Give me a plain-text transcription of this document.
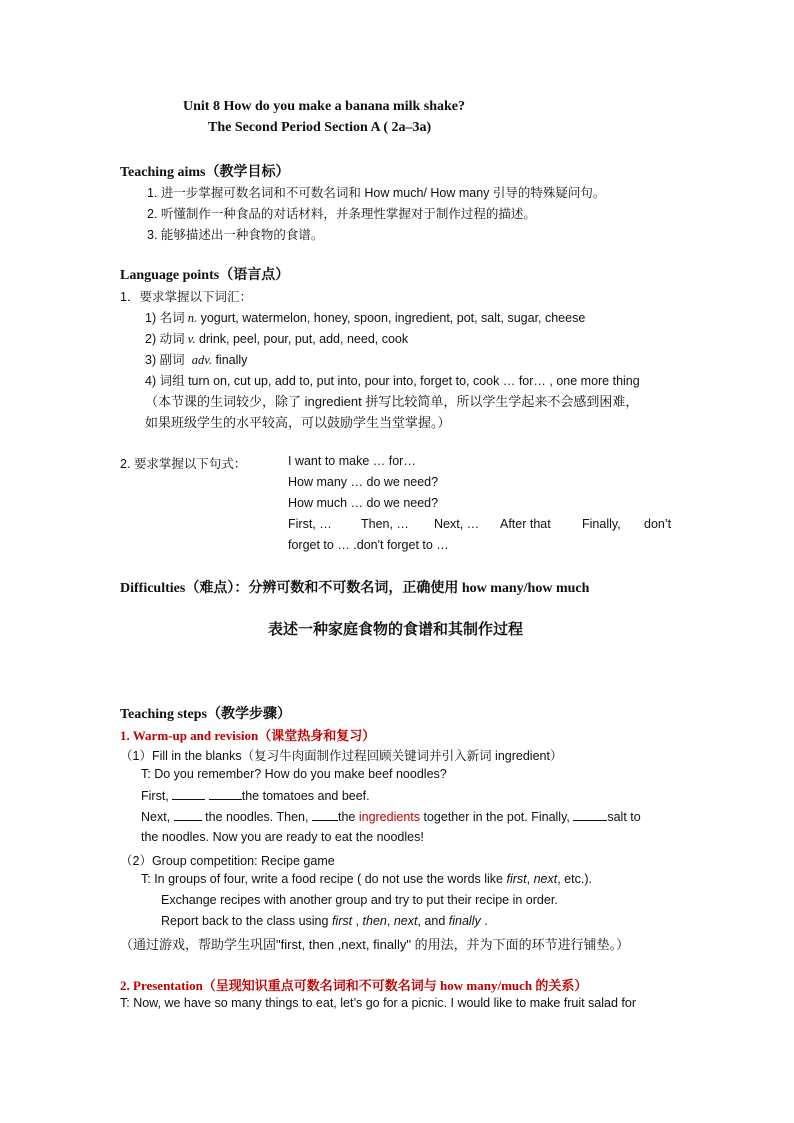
Unit 8 How do you make a banana milk shake?
The Second Period Section A ( 2a–3a)
Teaching aims（教学目标）
1. 进一步掌握可数名词和不可数名词和 How much/ How many 引导的特殊疑问句。
2. 听懂制作一种食品的对话材料，并条理性掌握对于制作过程的描述。
3. 能够描述出一种食物的食谱。
Language points（语言点）
1．要求掌握以下词汇：
1) 名词 n. yogurt, watermelon, honey, spoon, ingredient, pot, salt, sugar, cheese
2) 动词 v. drink, peel, pour, put, add, need, cook
3) 副词 adv. finally
4) 词组 turn on, cut up, add to, put into, pour into, forget to, cook … for… , one more thing
（本节课的生词较少，除了 ingredient 拼写比较简单，所以学生学起来不会感到困难，
如果班级学生的水平较高，可以鼓励学生当堂掌握。）
2. 要求掌握以下句式：	I want to make … for…
How many … do we need?
How much … do we need?
First, … Then, … Next, … After that	Finally, don’t
forget to … .don't forget to …
Difficulties（难点）：分辨可数和不可数名词，正确使用 how many/how much
表述一种家庭食物的食谱和其制作过程
Teaching steps（教学步骤）
1. Warm-up and revision（课堂热身和复习）
（1）Fill in the blanks（复习牛肉面制作过程回顾关键词并引入新词 ingredient）
T: Do you remember? How do you make beef noodles?
First,	the tomatoes and beef.
Next,	the noodles. Then, the ingredients together in the pot. Finally,	salt to
the noodles. Now you are ready to eat the noodles!
（2）Group competition: Recipe game
T: In groups of four, write a food recipe ( do not use the words like first, next, etc.).
Exchange recipes with another group and try to put their recipe in order.
Report back to the class using first , then, next, and finally .
（通过游戏，帮助学生巩固"first, then ,next, finally" 的用法，并为下面的环节进行铺垫。）
2. Presentation（呈现知识重点可数名词和不可数名词与 how many/much 的关系）
T: Now, we have so many things to eat, let’s go for a picnic. I would like to make fruit salad for
